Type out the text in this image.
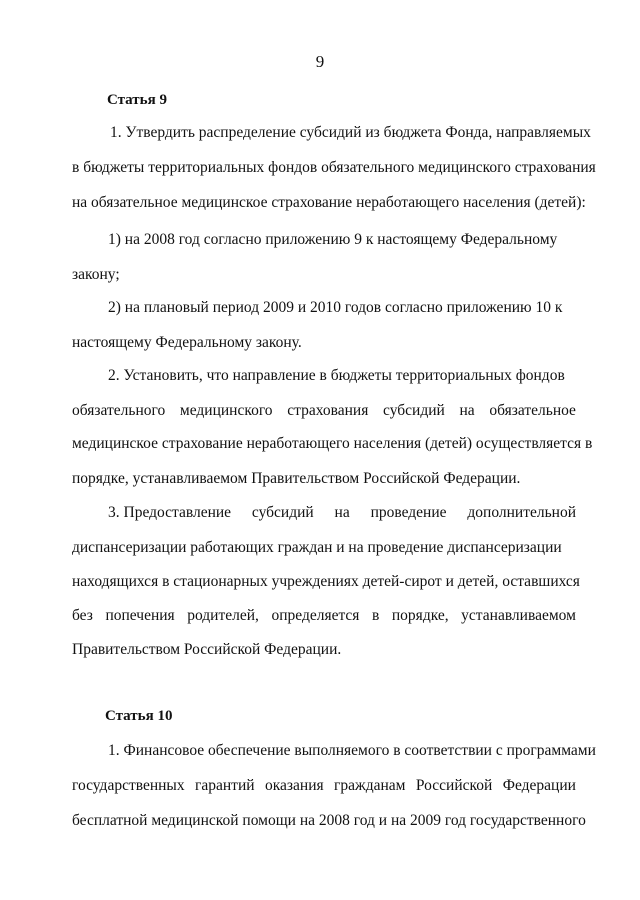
9
Статья 9
1. Утвердить распределение субсидий из бюджета Фонда, направляемых
в бюджеты территориальных фондов обязательного медицинского страхования
на обязательное медицинское страхование неработающего населения (детей):
1) на 2008 год согласно приложению 9 к настоящему Федеральному
закону;
2) на плановый период 2009 и 2010 годов согласно приложению 10 к
настоящему Федеральному закону.
2. Установить, что направление в бюджеты территориальных фондов
обязательного медицинского страхования субсидий на обязательное
медицинское страхование неработающего населения (детей) осуществляется в
порядке, устанавливаемом Правительством Российской Федерации.
3. Предоставление субсидий на проведение дополнительной
диспансеризации работающих граждан и на проведение диспансеризации
находящихся в стационарных учреждениях детей-сирот и детей, оставшихся
без попечения родителей, определяется в порядке, устанавливаемом
Правительством Российской Федерации.
Статья 10
1. Финансовое обеспечение выполняемого в соответствии с программами
государственных гарантий оказания гражданам Российской Федерации
бесплатной медицинской помощи на 2008 год и на 2009 год государственного
